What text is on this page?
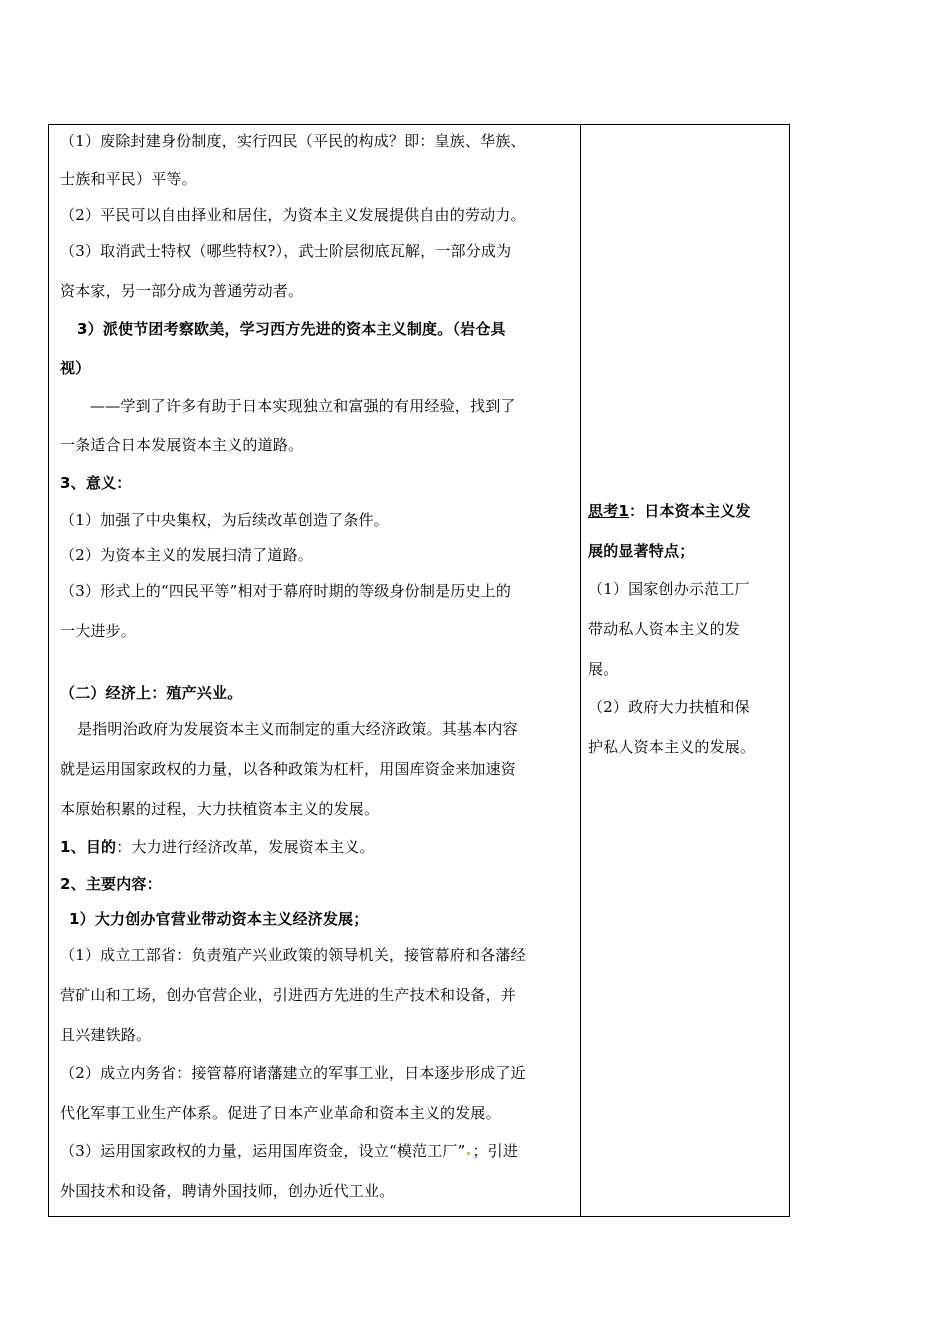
（1）废除封建身份制度，实行四民（平民的构成？即：皇族、华族、
士族和平民）平等。
（2）平民可以自由择业和居住，为资本主义发展提供自由的劳动力。
（3）取消武士特权（哪些特权?），武士阶层彻底瓦解，一部分成为
资本家，另一部分成为普通劳动者。
3）派使节团考察欧美，学习西方先进的资本主义制度。（岩仓具
视）
——学到了许多有助于日本实现独立和富强的有用经验，找到了
一条适合日本发展资本主义的道路。
3、意义：
（1）加强了中央集权，为后续改革创造了条件。
（2）为资本主义的发展扫清了道路。
（3）形式上的“四民平等”相对于幕府时期的等级身份制是历史上的
一大进步。
（二）经济上：殖产兴业。
是指明治政府为发展资本主义而制定的重大经济政策。其基本内容
就是运用国家政权的力量，以各种政策为杠杆，用国库资金来加速资
本原始积累的过程，大力扶植资本主义的发展。
1、目的：大力进行经济改革，发展资本主义。
2、主要内容：
1）大力创办官营业带动资本主义经济发展；
（1）成立工部省：负责殖产兴业政策的领导机关，接管幕府和各藩经
营矿山和工场，创办官营企业，引进西方先进的生产技术和设备，并
且兴建铁路。
（2）成立内务省：接管幕府诸藩建立的军事工业，日本逐步形成了近
代化军事工业生产体系。促进了日本产业革命和资本主义的发展。
（3）运用国家政权的力量，运用国库资金，设立“模范工厂” ；引进
外国技术和设备，聘请外国技师，创办近代工业。
思考1：日本资本主义发
展的显著特点；
（1）国家创办示范工厂
带动私人资本主义的发
展。
（2）政府大力扶植和保
护私人资本主义的发展。
